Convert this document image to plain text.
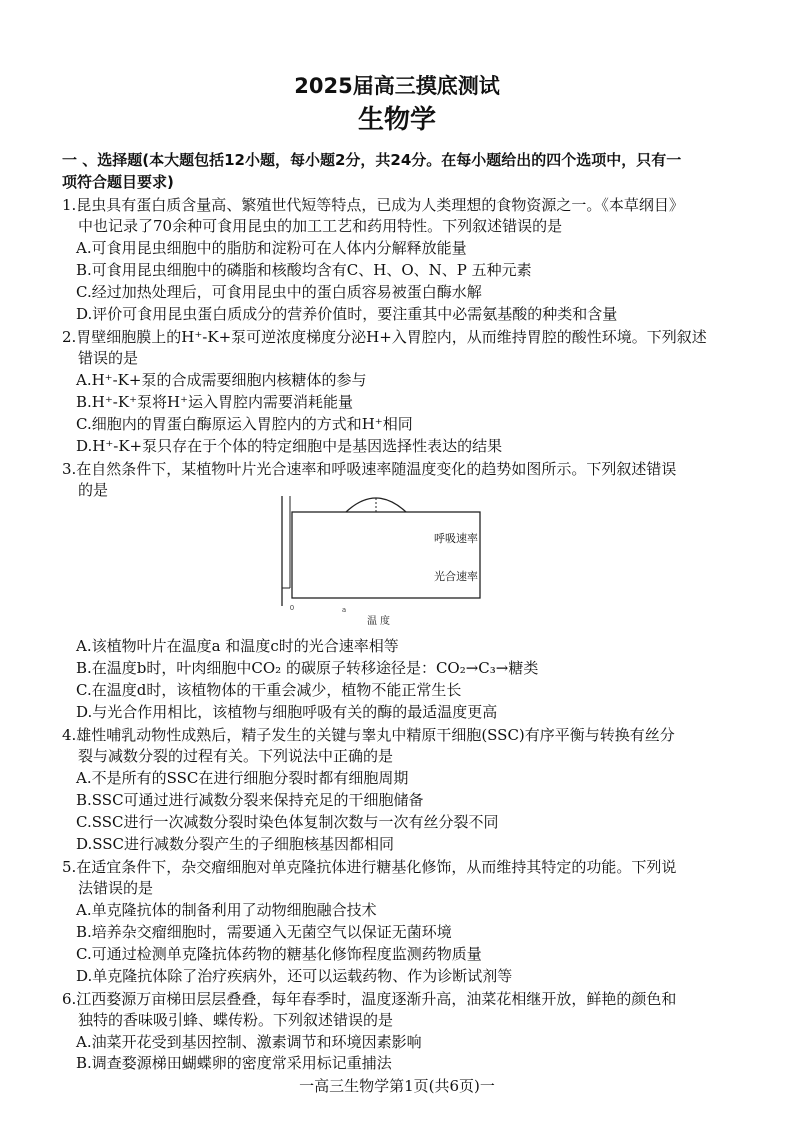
2025届高三摸底测试
生物学
一 、选择题(本大题包括12小题，每小题2分，共24分。在每小题给出的四个选项中，只有一
项符合题目要求)
1.昆虫具有蛋白质含量高、繁殖世代短等特点，已成为人类理想的食物资源之一。《本草纲目》
中也记录了70余种可食用昆虫的加工工艺和药用特性。下列叙述错误的是
A.可食用昆虫细胞中的脂肪和淀粉可在人体内分解释放能量
B.可食用昆虫细胞中的磷脂和核酸均含有C、H、O、N、P 五种元素
C.经过加热处理后，可食用昆虫中的蛋白质容易被蛋白酶水解
D.评价可食用昆虫蛋白质成分的营养价值时，要注重其中必需氨基酸的种类和含量
2.胃壁细胞膜上的H⁺-K+泵可逆浓度梯度分泌H+入胃腔内，从而维持胃腔的酸性环境。下列叙述
错误的是
A.H⁺-K+泵的合成需要细胞内核糖体的参与
B.H⁺-K⁺泵将H⁺运入胃腔内需要消耗能量
C.细胞内的胃蛋白酶原运入胃腔内的方式和H⁺相同
D.H⁺-K+泵只存在于个体的特定细胞中是基因选择性表达的结果
3.在自然条件下，某植物叶片光合速率和呼吸速率随温度变化的趋势如图所示。下列叙述错误
的是
呼吸速率
光合速率
0	a
温度
A.该植物叶片在温度a 和温度c时的光合速率相等
B.在温度b时，叶肉细胞中CO₂ 的碳原子转移途径是：CO₂→C₃→糖类
C.在温度d时，该植物体的干重会减少，植物不能正常生长
D.与光合作用相比，该植物与细胞呼吸有关的酶的最适温度更高
4.雄性哺乳动物性成熟后，精子发生的关键与睾丸中精原干细胞(SSC)有序平衡与转换有丝分
裂与减数分裂的过程有关。下列说法中正确的是
A.不是所有的SSC在进行细胞分裂时都有细胞周期
B.SSC可通过进行减数分裂来保持充足的干细胞储备
C.SSC进行一次减数分裂时染色体复制次数与一次有丝分裂不同
D.SSC进行减数分裂产生的子细胞核基因都相同
5.在适宜条件下，杂交瘤细胞对单克隆抗体进行糖基化修饰，从而维持其特定的功能。下列说
法错误的是
A.单克隆抗体的制备利用了动物细胞融合技术
B.培养杂交瘤细胞时，需要通入无菌空气以保证无菌环境
C.可通过检测单克隆抗体药物的糖基化修饰程度监测药物质量
D.单克隆抗体除了治疗疾病外，还可以运载药物、作为诊断试剂等
6.江西婺源万亩梯田层层叠叠，每年春季时，温度逐渐升高，油菜花相继开放，鲜艳的颜色和
独特的香味吸引蜂、蝶传粉。下列叙述错误的是
A.油菜开花受到基因控制、激素调节和环境因素影响
B.调查婺源梯田蝴蝶卵的密度常采用标记重捕法
一高三生物学第1页(共6页)一
